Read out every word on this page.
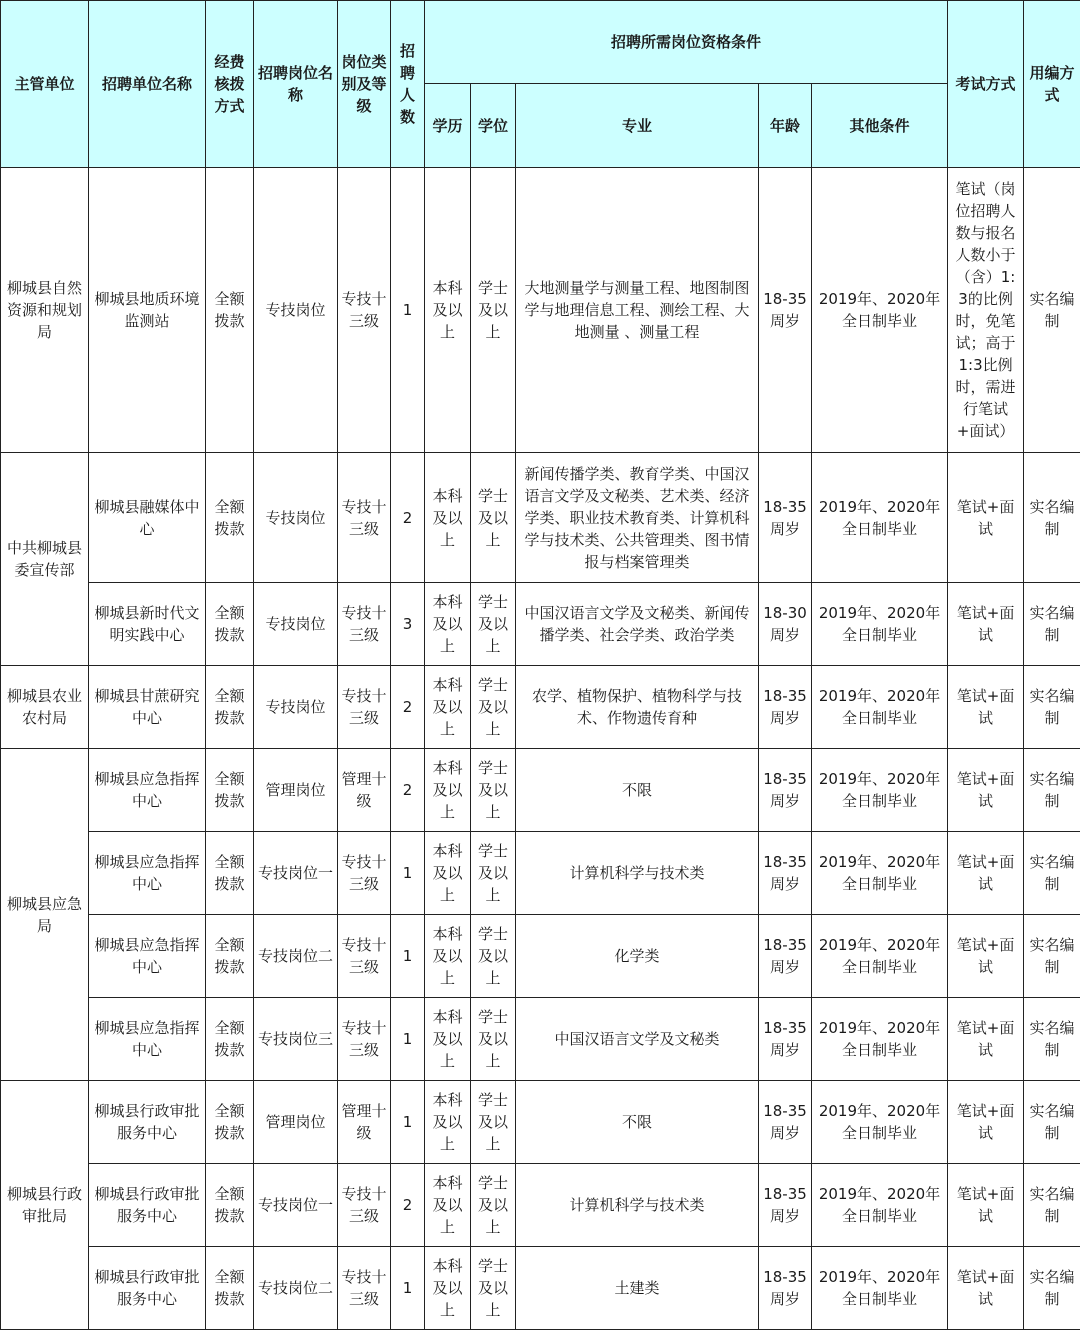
主管单位	招聘单位名称	经费核拨方式	招聘岗位名称	岗位类别及等级	招聘人数	招聘所需岗位资格条件					考试方式	用编方式
						学历	学位	专业	年龄	其他条件		
柳城县自然资源和规划局	柳城县地质环境监测站	全额拨款	专技岗位	专技十三级	1	本科及以上	学士及以上	大地测量学与测量工程、地图制图学与地理信息工程、测绘工程、大地测量 、测量工程	18-35周岁	2019年、2020年全日制毕业	笔试（岗位招聘人数与报名人数小于（含）1:3的比例时，免笔试；高于1:3比例时，需进行笔试+面试）	实名编制
中共柳城县委宣传部	柳城县融媒体中心	全额拨款	专技岗位	专技十三级	2	本科及以上	学士及以上	新闻传播学类、教育学类、中国汉语言文学及文秘类、艺术类、经济学类、职业技术教育类、计算机科学与技术类、公共管理类、图书情报与档案管理类	18-35周岁	2019年、2020年全日制毕业	笔试+面试	实名编制
	柳城县新时代文明实践中心	全额拨款	专技岗位	专技十三级	3	本科及以上	学士及以上	中国汉语言文学及文秘类、新闻传播学类、社会学类、政治学类	18-30周岁	2019年、2020年全日制毕业	笔试+面试	实名编制
柳城县农业农村局	柳城县甘蔗研究中心	全额拨款	专技岗位	专技十三级	2	本科及以上	学士及以上	农学、植物保护、植物科学与技术、作物遗传育种	18-35周岁	2019年、2020年全日制毕业	笔试+面试	实名编制
柳城县应急局	柳城县应急指挥中心	全额拨款	管理岗位	管理十级	2	本科及以上	学士及以上	不限	18-35周岁	2019年、2020年全日制毕业	笔试+面试	实名编制
	柳城县应急指挥中心	全额拨款	专技岗位一	专技十三级	1	本科及以上	学士及以上	计算机科学与技术类	18-35周岁	2019年、2020年全日制毕业	笔试+面试	实名编制
	柳城县应急指挥中心	全额拨款	专技岗位二	专技十三级	1	本科及以上	学士及以上	化学类	18-35周岁	2019年、2020年全日制毕业	笔试+面试	实名编制
	柳城县应急指挥中心	全额拨款	专技岗位三	专技十三级	1	本科及以上	学士及以上	中国汉语言文学及文秘类	18-35周岁	2019年、2020年全日制毕业	笔试+面试	实名编制
柳城县行政审批局	柳城县行政审批服务中心	全额拨款	管理岗位	管理十级	1	本科及以上	学士及以上	不限	18-35周岁	2019年、2020年全日制毕业	笔试+面试	实名编制
	柳城县行政审批服务中心	全额拨款	专技岗位一	专技十三级	2	本科及以上	学士及以上	计算机科学与技术类	18-35周岁	2019年、2020年全日制毕业	笔试+面试	实名编制
	柳城县行政审批服务中心	全额拨款	专技岗位二	专技十三级	1	本科及以上	学士及以上	土建类	18-35周岁	2019年、2020年全日制毕业	笔试+面试	实名编制
